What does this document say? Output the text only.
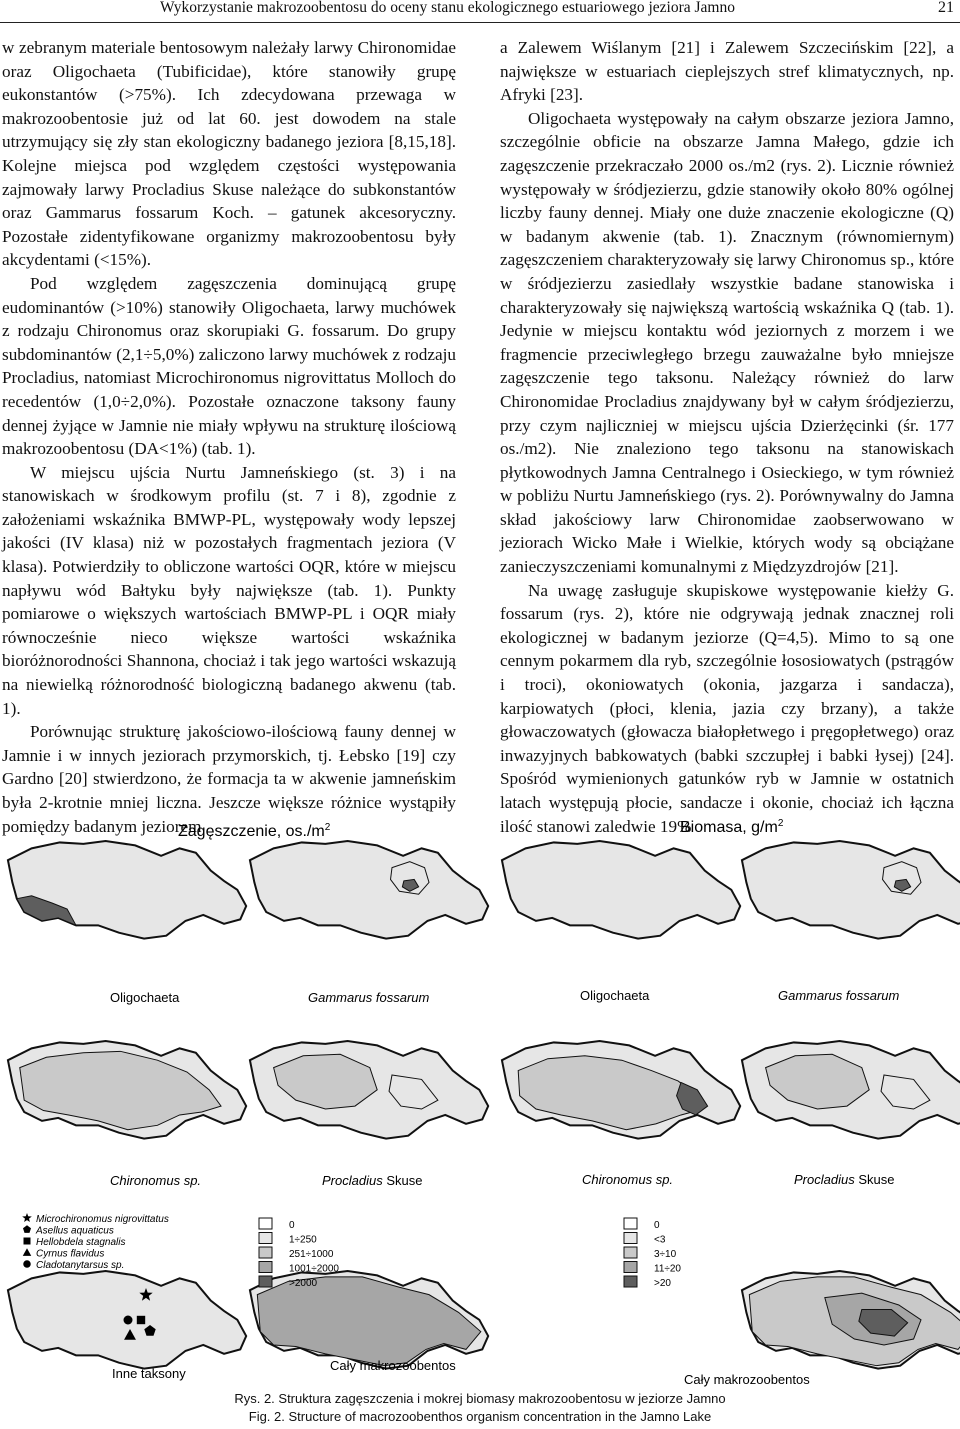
Wykorzystanie makrozoobentosu do oceny stanu ekologicznego estuariowego jeziora Jamno	21

w zebranym materiale bentosowym należały larwy Chironomidae oraz Oligochaeta (Tubificidae), które stanowiły grupę eukonstantów (>75%). Ich zdecydowana przewaga w makrozoobentosie już od lat 60. jest dowodem na stale utrzymujący się zły stan ekologiczny badanego jeziora [8,15,18]. Kolejne miejsca pod względem częstości występowania zajmowały larwy Procladius Skuse należące do subkonstantów oraz Gammarus fossarum Koch. – gatunek akcesoryczny. Pozostałe zidentyfikowane organizmy makrozoobentosu były akcydentami (<15%).

Pod względem zagęszczenia dominującą grupę eudominantów (>10%) stanowiły Oligochaeta, larwy muchówek z rodzaju Chironomus oraz skorupiaki G. fossarum. Do grupy subdominantów (2,1÷5,0%) zaliczono larwy muchówek z rodzaju Procladius, natomiast Microchironomus nigrovittatus Molloch do recedentów (1,0÷2,0%). Pozostałe oznaczone taksony fauny dennej żyjące w Jamnie nie miały wpływu na strukturę ilościową makrozoobentosu (DA<1%) (tab. 1).

W miejscu ujścia Nurtu Jamneńskiego (st. 3) i na stanowiskach w środkowym profilu (st. 7 i 8), zgodnie z założeniami wskaźnika BMWP-PL, występowały wody lepszej jakości (IV klasa) niż w pozostałych fragmentach jeziora (V klasa). Potwierdziły to obliczone wartości OQR, które w miejscu napływu wód Bałtyku były największe (tab. 1). Punkty pomiarowe o większych wartościach BMWP-PL i OQR miały równocześnie nieco większe wartości wskaźnika bioróżnorodności Shannona, chociaż i tak jego wartości wskazują na niewielką różnorodność biologiczną badanego akwenu (tab. 1).

Porównując strukturę jakościowo-ilościową fauny dennej w Jamnie i w innych jeziorach przymorskich, tj. Łebsko [19] czy Gardno [20] stwierdzono, że formacja ta w akwenie jamneńskim była 2-krotnie mniej liczna. Jeszcze większe różnice wystąpiły pomiędzy badanym jeziorem

a Zalewem Wiślanym [21] i Zalewem Szczecińskim [22], a największe w estuariach cieplejszych stref klimatycznych, np. Afryki [23].

Oligochaeta występowały na całym obszarze jeziora Jamno, szczególnie obficie na obszarze Jamna Małego, gdzie ich zagęszczenie przekraczało 2000 os./m2 (rys. 2). Licznie również występowały w śródjezierzu, gdzie stanowiły około 80% ogólnej liczby fauny dennej. Miały one duże znaczenie ekologiczne (Q) w badanym akwenie (tab. 1). Znacznym (równomiernym) zagęszczeniem charakteryzowały się larwy Chironomus sp., które w śródjezierzu zasiedlały wszystkie badane stanowiska i charakteryzowały się największą wartością wskaźnika Q (tab. 1). Jedynie w miejscu kontaktu wód jeziornych z morzem i we fragmencie przeciwległego brzegu zauważalne było mniejsze zagęszczenie tego taksonu. Należący również do larw Chironomidae Procladius znajdywany był w całym śródjezierzu, przy czym najliczniej w miejscu ujścia Dzierżęcinki (śr. 177 os./m2). Nie znaleziono tego taksonu na stanowiskach płytkowodnych Jamna Centralnego i Osieckiego, w tym również w pobliżu Nurtu Jamneńskiego (rys. 2). Porównywalny do Jamna skład jakościowy larw Chironomidae zaobserwowano w jeziorach Wicko Małe i Wielkie, których wody są obciążane zanieczyszczeniami komunalnymi z Międzyzdrojów [21].

Na uwagę zasługuje skupiskowe występowanie kiełży G. fossarum (rys. 2), które nie odgrywają jednak znacznej roli ekologicznej w badanym jeziorze (Q=4,5). Mimo to są one cennym pokarmem dla ryb, szczególnie łososiowatych (pstrągów i troci), okoniowatych (okonia, jazgarza i sandacza), karpiowatych (płoci, klenia, jazia czy brzany), a także głowaczowatych (głowacza białopłetwego i pręgopłetwego) oraz inwazyjnych babkowatych (babki szczupłej i babki łysej) [24]. Spośród wymienionych gatunków ryb w Jamnie w ostatnich latach występują płocie, sandacze i okonie, chociaż ich łączna ilość stanowi zaledwie 19%

Zagęszczenie, $os./m^2$	Biomasa, $g/m^2$
Oligochaeta	Gammarus fossarum
Chironomus sp.	Procladius Skuse
Oligochaeta	Gammarus fossarum
Chironomus sp.	Procladius Skuse
Inne taksony
Cały makrozoobentos
Cały makrozoobentos
Microchironomus nigrovittatus
Asellus aquaticus
Hellobdela stagnalis
Cyrnus flavidus
Cladotanytarsus sp.
0
1÷250
251÷1000
1001÷2000
>2000
0
<3
3÷10
11÷20
>20
Rys. 2. Struktura zagęszczenia i mokrej biomasy makrozoobentosu w jeziorze Jamno
Fig. 2. Structure of macrozoobenthos organism concentration in the Jamno Lake
